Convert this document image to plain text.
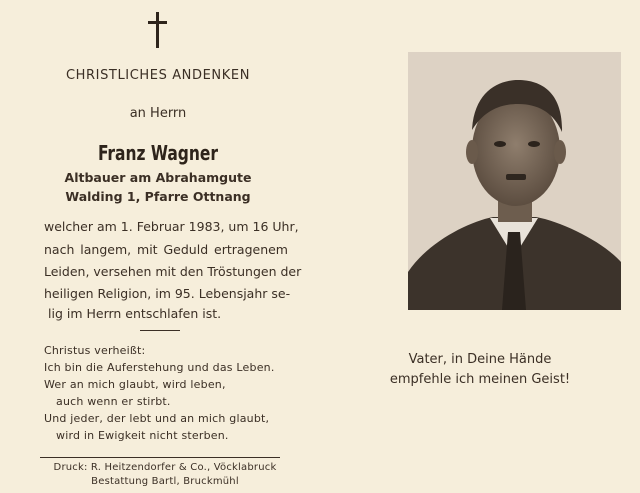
CHRISTLICHES ANDENKEN
an Herrn
Franz Wagner
Altbauer am Abrahamgute
Walding 1, Pfarre Ottnang
welcher am 1. Februar 1983, um 16 Uhr,
nach langem, mit Geduld ertragenem
Leiden, versehen mit den Tröstungen der
heiligen Religion, im 95. Lebensjahr se-
lig im Herrn entschlafen ist.
Christus verheißt:
Ich bin die Auferstehung und das Leben.
Wer an mich glaubt, wird leben,
auch wenn er stirbt.
Und jeder, der lebt und an mich glaubt,
wird in Ewigkeit nicht sterben.
Druck: R. Heitzendorfer & Co., Vöcklabruck
Bestattung Bartl, Bruckmühl
Vater, in Deine Hände
empfehle ich meinen Geist!
